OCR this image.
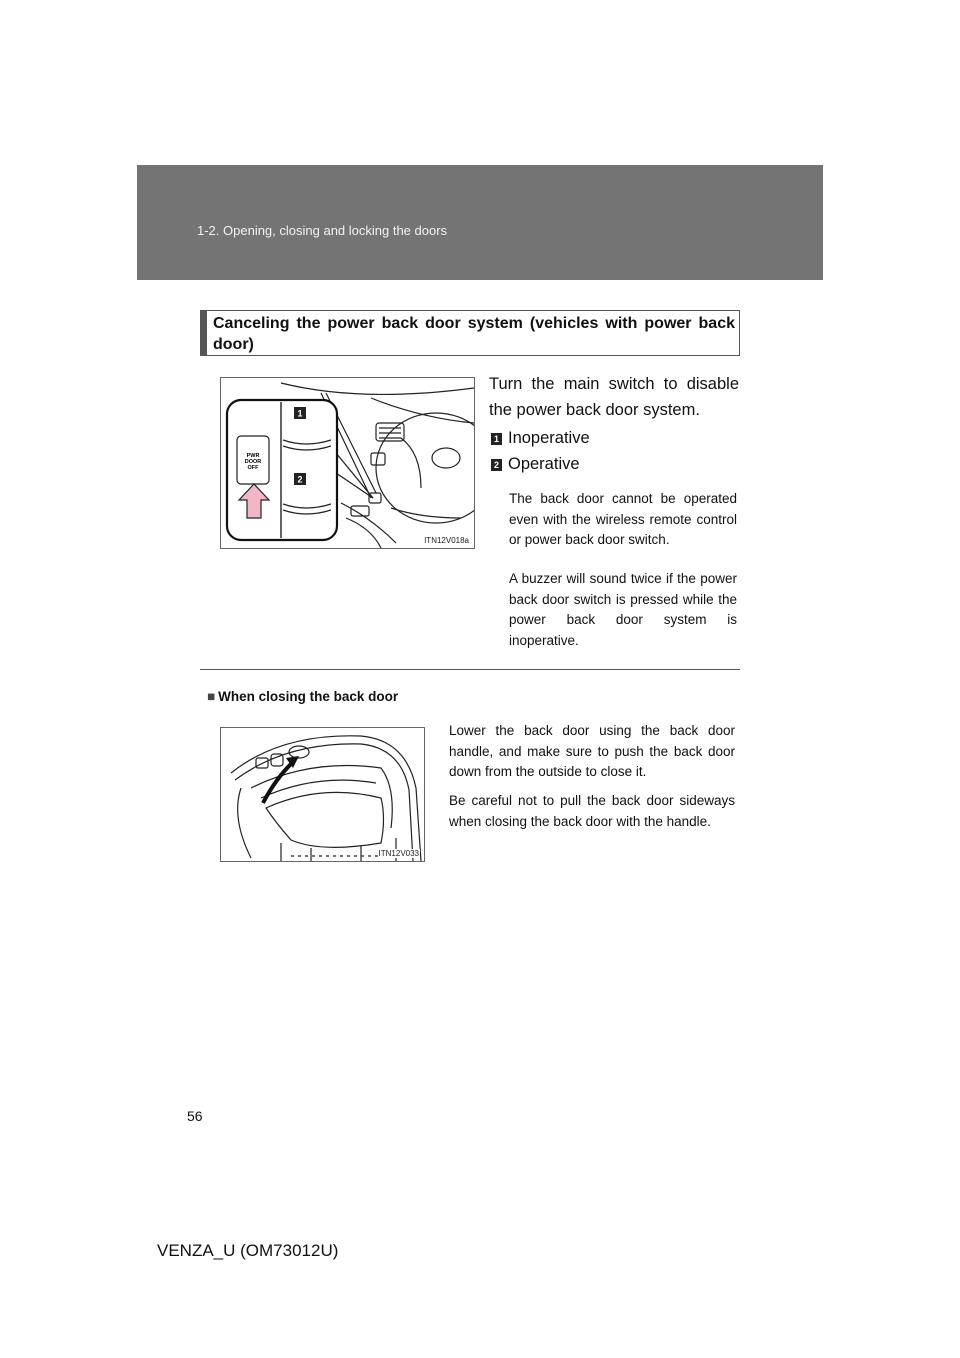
1-2. Opening, closing and locking the doors
Canceling the power back door system (vehicles with power back door)
PWR
DOOR
OFF
1
2
ITN12V018a
Turn the main switch to disable the power back door system.
1 Inoperative
2 Operative
The back door cannot be operated even with the wireless remote control or power back door switch.
A buzzer will sound twice if the power back door switch is pressed while the power back door system is inoperative.
■ When closing the back door
ITN12V033
Lower the back door using the back door handle, and make sure to push the back door down from the outside to close it.
Be careful not to pull the back door sideways when closing the back door with the handle.
56
VENZA_U (OM73012U)
